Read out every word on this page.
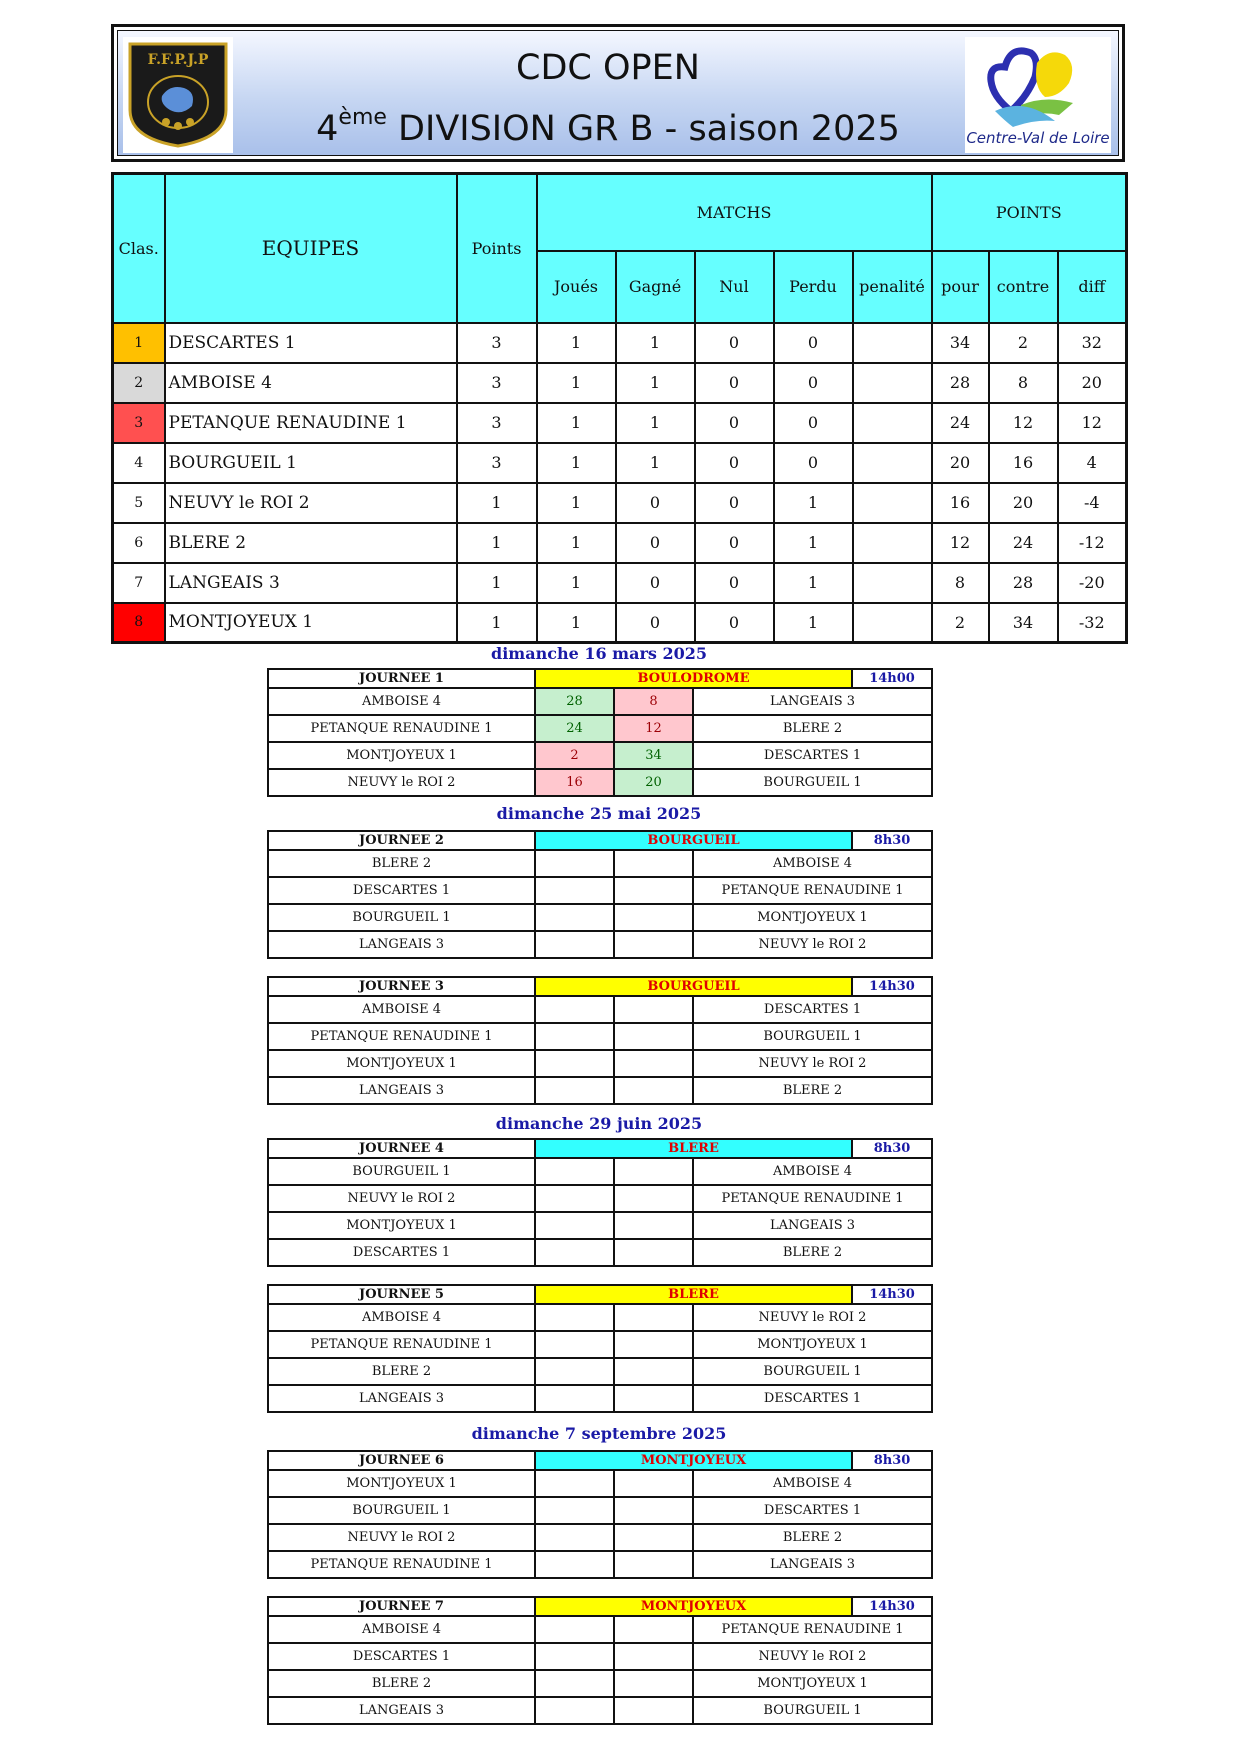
F.F.P.J.P	CDC OPEN
4ème DIVISION GR B - saison 2025	Centre-Val de Loire
Clas.	EQUIPES	Points	MATCHS					POINTS		
			Joués	Gagné	Nul	Perdu	penalité	pour	contre	diff
1	DESCARTES 1	3	1	1	0	0		34	2	32
2	AMBOISE 4	3	1	1	0	0		28	8	20
3	PETANQUE RENAUDINE 1	3	1	1	0	0		24	12	12
4	BOURGUEIL 1	3	1	1	0	0		20	16	4
5	NEUVY le ROI 2	1	1	0	0	1		16	20	-4
6	BLERE 2	1	1	0	0	1		12	24	-12
7	LANGEAIS 3	1	1	0	0	1		8	28	-20
8	MONTJOYEUX 1	1	1	0	0	1		2	34	-32
dimanche 16 mars 2025
dimanche 25 mai 2025
dimanche 29 juin 2025
dimanche 7 septembre 2025
JOURNEE 1	BOULODROME			14h00
AMBOISE 4	28	8	LANGEAIS 3	
PETANQUE RENAUDINE 1	24	12	BLERE 2	
MONTJOYEUX 1	2	34	DESCARTES 1	
NEUVY le ROI 2	16	20	BOURGUEIL 1	
JOURNEE 2	BOURGUEIL			8h30
BLERE 2			AMBOISE 4	
DESCARTES 1			PETANQUE RENAUDINE 1	
BOURGUEIL 1			MONTJOYEUX 1	
LANGEAIS 3			NEUVY le ROI 2	
JOURNEE 3	BOURGUEIL			14h30
AMBOISE 4			DESCARTES 1	
PETANQUE RENAUDINE 1			BOURGUEIL 1	
MONTJOYEUX 1			NEUVY le ROI 2	
LANGEAIS 3			BLERE 2	
JOURNEE 4	BLERE			8h30
BOURGUEIL 1			AMBOISE 4	
NEUVY le ROI 2			PETANQUE RENAUDINE 1	
MONTJOYEUX 1			LANGEAIS 3	
DESCARTES 1			BLERE 2	
JOURNEE 5	BLERE			14h30
AMBOISE 4			NEUVY le ROI 2	
PETANQUE RENAUDINE 1			MONTJOYEUX 1	
BLERE 2			BOURGUEIL 1	
LANGEAIS 3			DESCARTES 1	
JOURNEE 6	MONTJOYEUX			8h30
MONTJOYEUX 1			AMBOISE 4	
BOURGUEIL 1			DESCARTES 1	
NEUVY le ROI 2			BLERE 2	
PETANQUE RENAUDINE 1			LANGEAIS 3	
JOURNEE 7	MONTJOYEUX			14h30
AMBOISE 4			PETANQUE RENAUDINE 1	
DESCARTES 1			NEUVY le ROI 2	
BLERE 2			MONTJOYEUX 1	
LANGEAIS 3			BOURGUEIL 1	
